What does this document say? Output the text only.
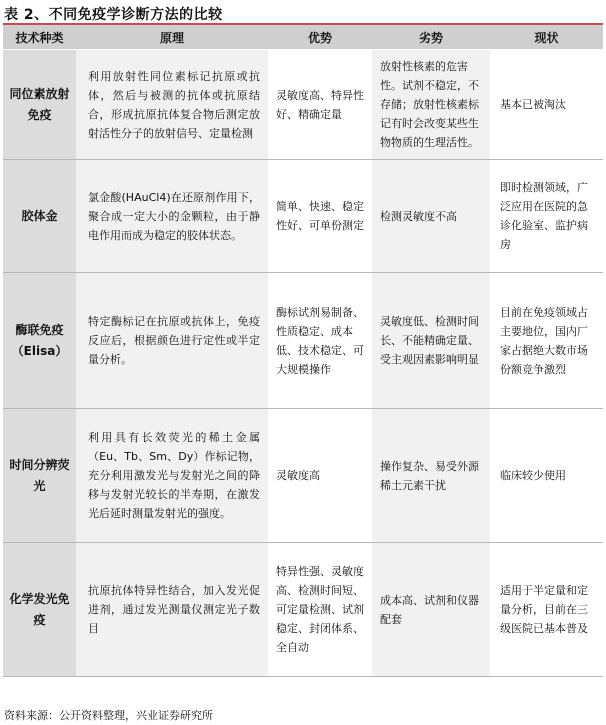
表 2、不同免疫学诊断方法的比较
技术种类	原理	优势	劣势	现状
同位素放射免疫	利用放射性同位素标记抗原或抗体，然后与被测的抗体或抗原结合，形成抗原抗体复合物后测定放射活性分子的放射信号、定量检测	灵敏度高、特异性好、精确定量	放射性核素的危害性。试剂不稳定，不存储；放射性核素标记有时会改变某些生物物质的生理活性。	基本已被淘汰
胶体金	氯金酸(HAuCl4)在还原剂作用下，聚合成一定大小的金颗粒，由于静电作用而成为稳定的胶体状态。	简单、快速、稳定性好、可单份测定	检测灵敏度不高	即时检测领域，广泛应用在医院的急诊化验室、监护病房
酶联免疫（Elisa）	特定酶标记在抗原或抗体上，免疫反应后，根据颜色进行定性或半定量分析。	酶标试剂易制备、性质稳定、成本低、技术稳定、可大规模操作	灵敏度低、检测时间长、不能精确定量、受主观因素影响明显	目前在免疫领域占主要地位，国内厂家占据绝大数市场份额竞争激烈
时间分辨荧光	利用具有长效荧光的稀土金属（Eu、Tb、Sm、Dy）作标记物，充分利用激发光与发射光之间的降移与发射光较长的半寿期，在激发光后延时测量发射光的强度。	灵敏度高	操作复杂、易受外源稀土元素干扰	临床较少使用
化学发光免疫	抗原抗体特异性结合，加入发光促进剂，通过发光测量仪测定光子数目	特异性强、灵敏度高、检测时间短、可定量检测、试剂稳定、封闭体系、全自动	成本高、试剂和仪器配套	适用于半定量和定量分析，目前在三级医院已基本普及
资料来源：公开资料整理，兴业证券研究所
